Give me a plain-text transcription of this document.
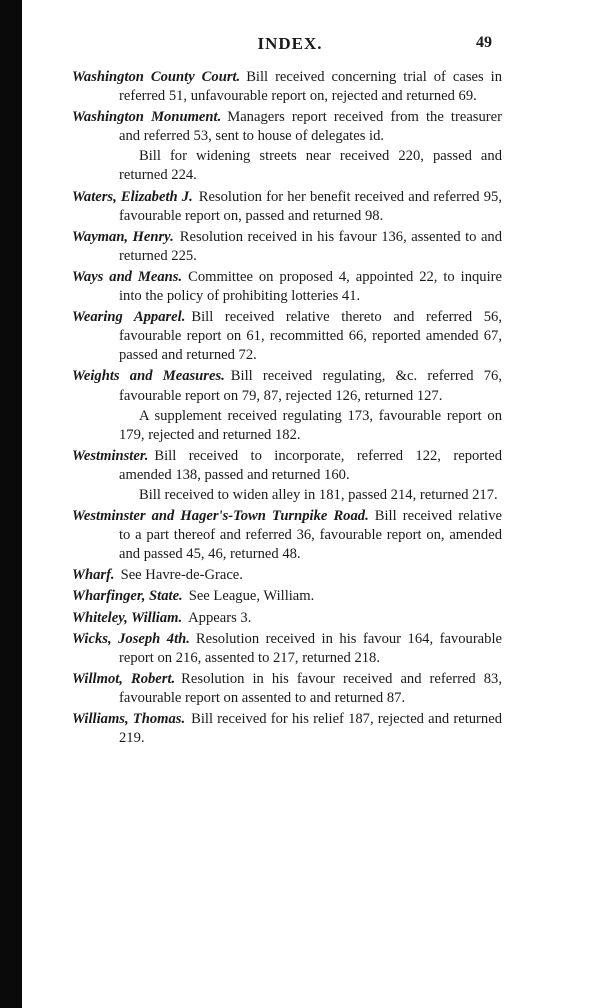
INDEX.	49

Washington County Court. Bill received concerning trial of cases in referred 51, unfavourable report on, rejected and returned 69.

Washington Monument. Managers report received from the treasurer and referred 53, sent to house of delegates id.
Bill for widening streets near received 220, passed and returned 224.

Waters, Elizabeth J. Resolution for her benefit received and referred 95, favourable report on, passed and returned 98.

Wayman, Henry. Resolution received in his favour 136, assented to and returned 225.

Ways and Means. Committee on proposed 4, appointed 22, to inquire into the policy of prohibiting lotteries 41.

Wearing Apparel. Bill received relative thereto and referred 56, favourable report on 61, recommitted 66, reported amended 67, passed and returned 72.

Weights and Measures. Bill received regulating, &c. referred 76, favourable report on 79, 87, rejected 126, returned 127.
A supplement received regulating 173, favourable report on 179, rejected and returned 182.

Westminster. Bill received to incorporate, referred 122, reported amended 138, passed and returned 160.
Bill received to widen alley in 181, passed 214, returned 217.

Westminster and Hager's-Town Turnpike Road. Bill received relative to a part thereof and referred 36, favourable report on, amended and passed 45, 46, returned 48.

Wharf. See Havre-de-Grace.

Wharfinger, State. See League, William.

Whiteley, William. Appears 3.

Wicks, Joseph 4th. Resolution received in his favour 164, favourable report on 216, assented to 217, returned 218.

Willmot, Robert. Resolution in his favour received and referred 83, favourable report on assented to and returned 87.

Williams, Thomas. Bill received for his relief 187, rejected and returned 219.
